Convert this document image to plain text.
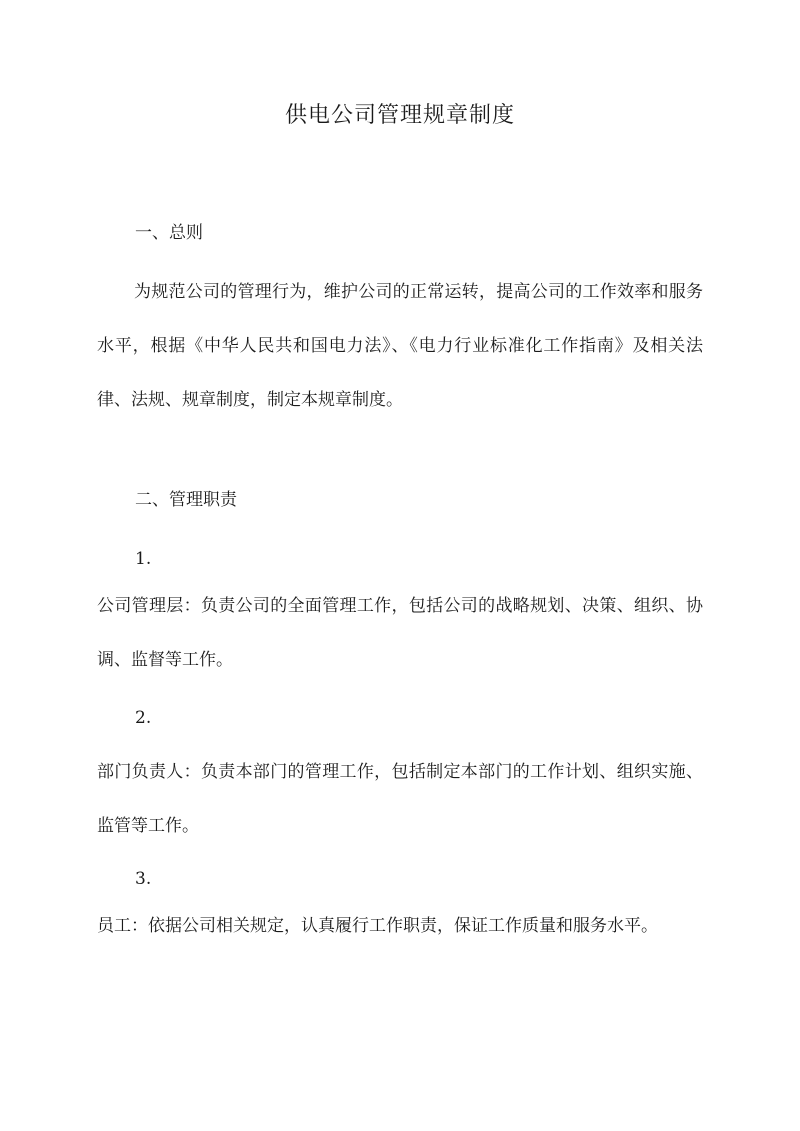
供电公司管理规章制度
一、总则
为规范公司的管理行为，维护公司的正常运转，提高公司的工作效率和服务水平，根据《中华人民共和国电力法》、《电力行业标准化工作指南》及相关法律、法规、规章制度，制定本规章制度。
二、管理职责
1.
公司管理层：负责公司的全面管理工作，包括公司的战略规划、决策、组织、协调、监督等工作。
2.
部门负责人：负责本部门的管理工作，包括制定本部门的工作计划、组织实施、监管等工作。
3.
员工：依据公司相关规定，认真履行工作职责，保证工作质量和服务水平。
